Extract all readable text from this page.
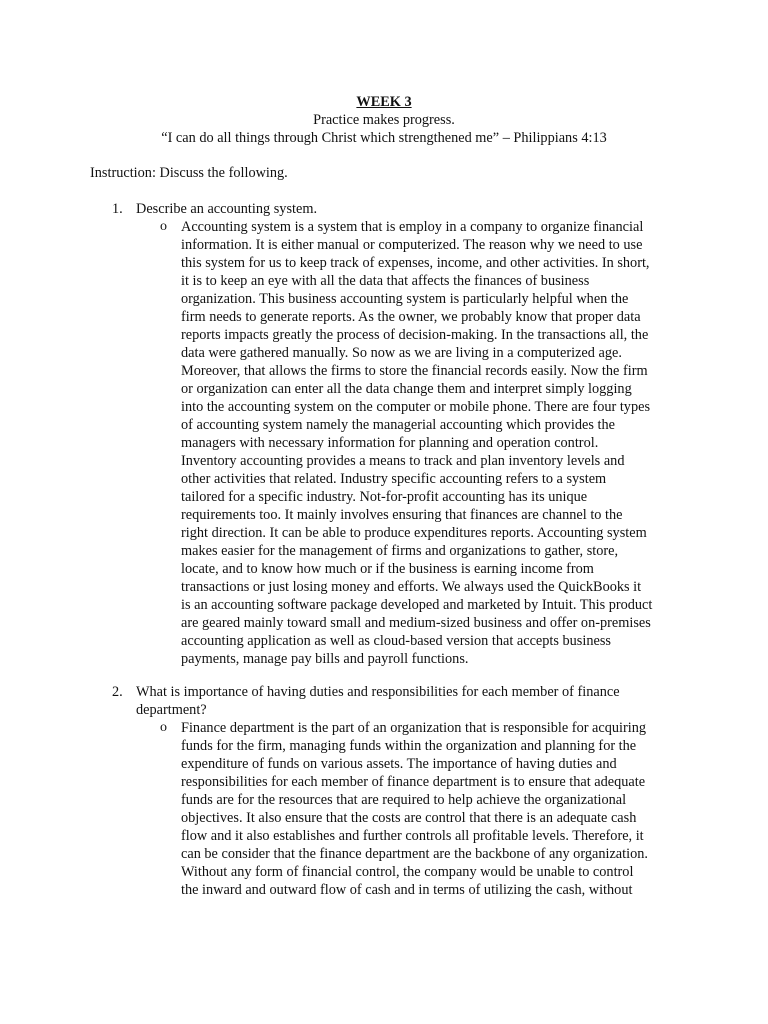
WEEK 3
Practice makes progress.
“I can do all things through Christ which strengthened me” – Philippians 4:13
Instruction: Discuss the following.
1. Describe an accounting system.
o Accounting system is a system that is employ in a company to organize financial
information. It is either manual or computerized. The reason why we need to use
this system for us to keep track of expenses, income, and other activities. In short,
it is to keep an eye with all the data that affects the finances of business
organization. This business accounting system is particularly helpful when the
firm needs to generate reports. As the owner, we probably know that proper data
reports impacts greatly the process of decision-making. In the transactions all, the
data were gathered manually. So now as we are living in a computerized age.
Moreover, that allows the firms to store the financial records easily. Now the firm
or organization can enter all the data change them and interpret simply logging
into the accounting system on the computer or mobile phone. There are four types
of accounting system namely the managerial accounting which provides the
managers with necessary information for planning and operation control.
Inventory accounting provides a means to track and plan inventory levels and
other activities that related. Industry specific accounting refers to a system
tailored for a specific industry. Not-for-profit accounting has its unique
requirements too. It mainly involves ensuring that finances are channel to the
right direction. It can be able to produce expenditures reports. Accounting system
makes easier for the management of firms and organizations to gather, store,
locate, and to know how much or if the business is earning income from
transactions or just losing money and efforts. We always used the QuickBooks it
is an accounting software package developed and marketed by Intuit. This product
are geared mainly toward small and medium-sized business and offer on-premises
accounting application as well as cloud-based version that accepts business
payments, manage pay bills and payroll functions.
2. What is importance of having duties and responsibilities for each member of finance
department?
o Finance department is the part of an organization that is responsible for acquiring
funds for the firm, managing funds within the organization and planning for the
expenditure of funds on various assets. The importance of having duties and
responsibilities for each member of finance department is to ensure that adequate
funds are for the resources that are required to help achieve the organizational
objectives. It also ensure that the costs are control that there is an adequate cash
flow and it also establishes and further controls all profitable levels. Therefore, it
can be consider that the finance department are the backbone of any organization.
Without any form of financial control, the company would be unable to control
the inward and outward flow of cash and in terms of utilizing the cash, without
